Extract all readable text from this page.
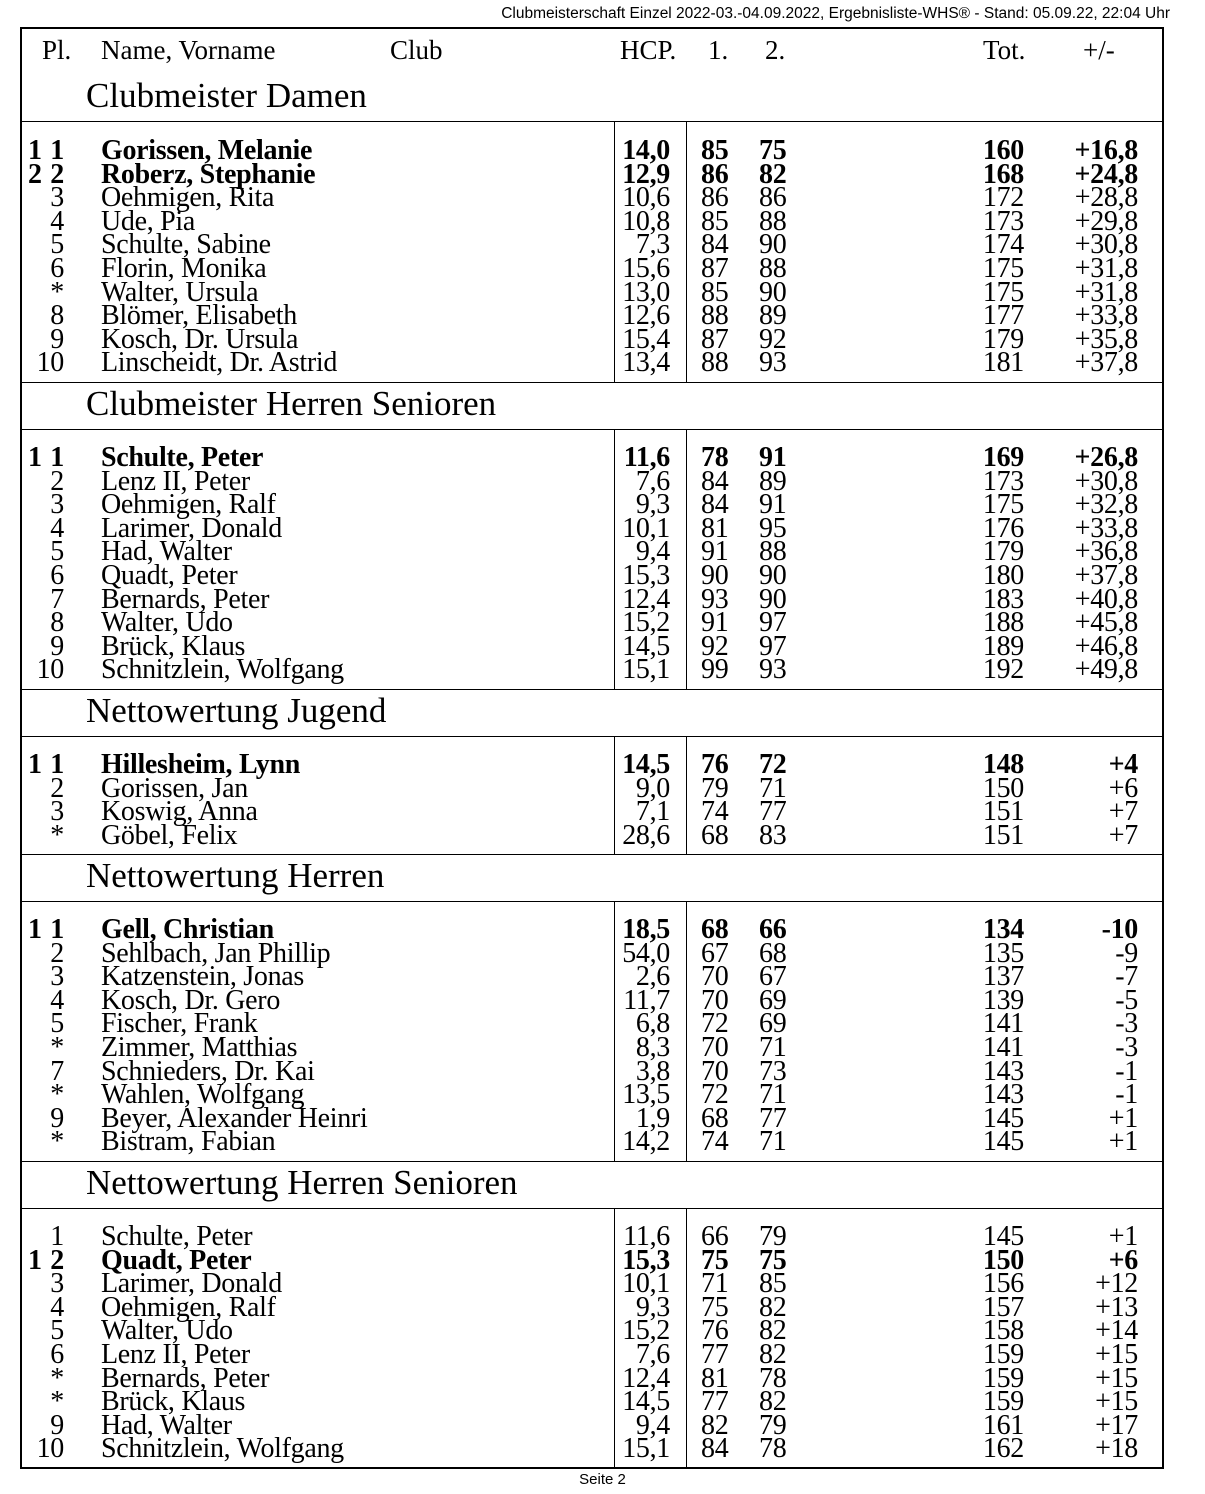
Clubmeisterschaft Einzel 2022-03.-04.09.2022, Ergebnisliste-WHS® - Stand: 05.09.22, 22:04 Uhr
Pl. Name, Vorname	Club	HCP. 1. 2.	Tot. +/-
Clubmeister Damen
1 1 Gorissen, Melanie	14,0 85 75	160 +16,8
2 2 Roberz, Stephanie	12,9 86 82	168 +24,8
3 Oehmigen, Rita	10,6 86 86	172 +28,8
4 Ude, Pia	10,8 85 88	173 +29,8
5 Schulte, Sabine	7,3 84 90	174 +30,8
6 Florin, Monika	15,6 87 88	175 +31,8
* Walter, Ursula	13,0 85 90	175 +31,8
8 Blömer, Elisabeth	12,6 88 89	177 +33,8
9 Kosch, Dr. Ursula	15,4 87 92	179 +35,8
10 Linscheidt, Dr. Astrid	13,4 88 93	181 +37,8
Clubmeister Herren Senioren
1 1 Schulte, Peter	11,6 78 91	169 +26,8
2 Lenz II, Peter	7,6 84 89	173 +30,8
3 Oehmigen, Ralf	9,3 84 91	175 +32,8
4 Larimer, Donald	10,1 81 95	176 +33,8
5 Had, Walter	9,4 91 88	179 +36,8
6 Quadt, Peter	15,3 90 90	180 +37,8
7 Bernards, Peter	12,4 93 90	183 +40,8
8 Walter, Udo	15,2 91 97	188 +45,8
9 Brück, Klaus	14,5 92 97	189 +46,8
10 Schnitzlein, Wolfgang	15,1 99 93	192 +49,8
Nettowertung Jugend
1 1 Hillesheim, Lynn	14,5 76 72	148	+4
2 Gorissen, Jan	9,0 79 71	150	+6
3 Koswig, Anna	7,1 74 77	151	+7
* Göbel, Felix	28,6 68 83	151	+7
Nettowertung Herren
1 1 Gell, Christian	18,5 68 66	134	-10
2 Sehlbach, Jan Phillip	54,0 67 68	135	-9
3 Katzenstein, Jonas	2,6 70 67	137	-7
4 Kosch, Dr. Gero	11,7 70 69	139	-5
5 Fischer, Frank	6,8 72 69	141	-3
* Zimmer, Matthias	8,3 70 71	141	-3
7 Schnieders, Dr. Kai	3,8 70 73	143	-1
* Wahlen, Wolfgang	13,5 72 71	143	-1
9 Beyer, Alexander Heinri	1,9 68 77	145	+1
* Bistram, Fabian	14,2 74 71	145	+1
Nettowertung Herren Senioren
1 Schulte, Peter	11,6 66 79	145	+1
1 2 Quadt, Peter	15,3 75 75	150	+6
3 Larimer, Donald	10,1 71 85	156	+12
4 Oehmigen, Ralf	9,3 75 82	157	+13
5 Walter, Udo	15,2 76 82	158	+14
6 Lenz II, Peter	7,6 77 82	159	+15
* Bernards, Peter	12,4 81 78	159	+15
* Brück, Klaus	14,5 77 82	159	+15
9 Had, Walter	9,4 82 79	161	+17
10 Schnitzlein, Wolfgang	15,1 84 78	162	+18
Seite 2
